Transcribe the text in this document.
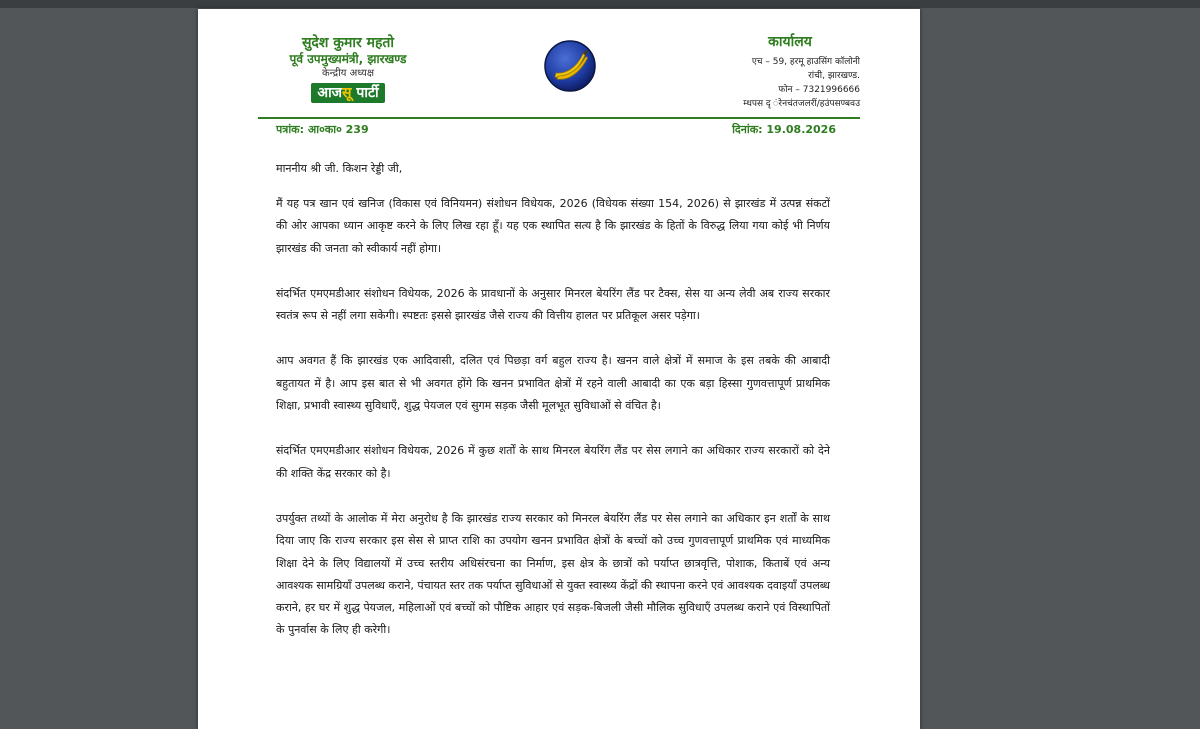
सुदेश कुमार महतो
पूर्व उपमुख्यमंत्री, झारखण्ड
केन्द्रीय अध्यक्ष
आजसू पार्टी
कार्यालय
एच – 59, हरमू हाउसिंग कॉलोनी
रांची, झारखण्ड.
फोन – 7321996666
म्धपस दृ ंरेनचंतजलरीं/हउंपसण्बवउ
पत्रांक: आ०का० 239	दिनांक: 19.08.2026

माननीय श्री जी. किशन रेड्डी जी,

मैं यह पत्र खान एवं खनिज (विकास एवं विनियमन) संशोधन विधेयक, 2026 (विधेयक संख्या 154, 2026) से झारखंड में उत्पन्न संकटों की ओर आपका ध्यान आकृष्ट करने के लिए लिख रहा हूँ। यह एक स्थापित सत्य है कि झारखंड के हितों के विरुद्ध लिया गया कोई भी निर्णय झारखंड की जनता को स्वीकार्य नहीं होगा।

संदर्भित एमएमडीआर संशोधन विधेयक, 2026 के प्रावधानों के अनुसार मिनरल बेयरिंग लैंड पर टैक्स, सेस या अन्य लेवी अब राज्य सरकार स्वतंत्र रूप से नहीं लगा सकेगी। स्पष्टतः इससे झारखंड जैसे राज्य की वित्तीय हालत पर प्रतिकूल असर पड़ेगा।

आप अवगत हैं कि झारखंड एक आदिवासी, दलित एवं पिछड़ा वर्ग बहुल राज्य है। खनन वाले क्षेत्रों में समाज के इस तबके की आबादी बहुतायत में है। आप इस बात से भी अवगत होंगे कि खनन प्रभावित क्षेत्रों में रहने वाली आबादी का एक बड़ा हिस्सा गुणवत्तापूर्ण प्राथमिक शिक्षा, प्रभावी स्वास्थ्य सुविधाएँ, शुद्ध पेयजल एवं सुगम सड़क जैसी मूलभूत सुविधाओं से वंचित है।

संदर्भित एमएमडीआर संशोधन विधेयक, 2026 में कुछ शर्तों के साथ मिनरल बेयरिंग लैंड पर सेस लगाने का अधिकार राज्य सरकारों को देने की शक्ति केंद्र सरकार को है।

उपर्युक्त तथ्यों के आलोक में मेरा अनुरोध है कि झारखंड राज्य सरकार को मिनरल बेयरिंग लैंड पर सेस लगाने का अधिकार इन शर्तों के साथ दिया जाए कि राज्य सरकार इस सेस से प्राप्त राशि का उपयोग खनन प्रभावित क्षेत्रों के बच्चों को उच्च गुणवत्तापूर्ण प्राथमिक एवं माध्यमिक शिक्षा देने के लिए विद्यालयों में उच्च स्तरीय अधिसंरचना का निर्माण, इस क्षेत्र के छात्रों को पर्याप्त छात्रवृत्ति, पोशाक, किताबें एवं अन्य आवश्यक सामग्रियाँ उपलब्ध कराने, पंचायत स्तर तक पर्याप्त सुविधाओं से युक्त स्वास्थ्य केंद्रों की स्थापना करने एवं आवश्यक दवाइयाँ उपलब्ध कराने, हर घर में शुद्ध पेयजल, महिलाओं एवं बच्चों को पौष्टिक आहार एवं सड़क-बिजली जैसी मौलिक सुविधाएँ उपलब्ध कराने एवं विस्थापितों के पुनर्वास के लिए ही करेगी।
